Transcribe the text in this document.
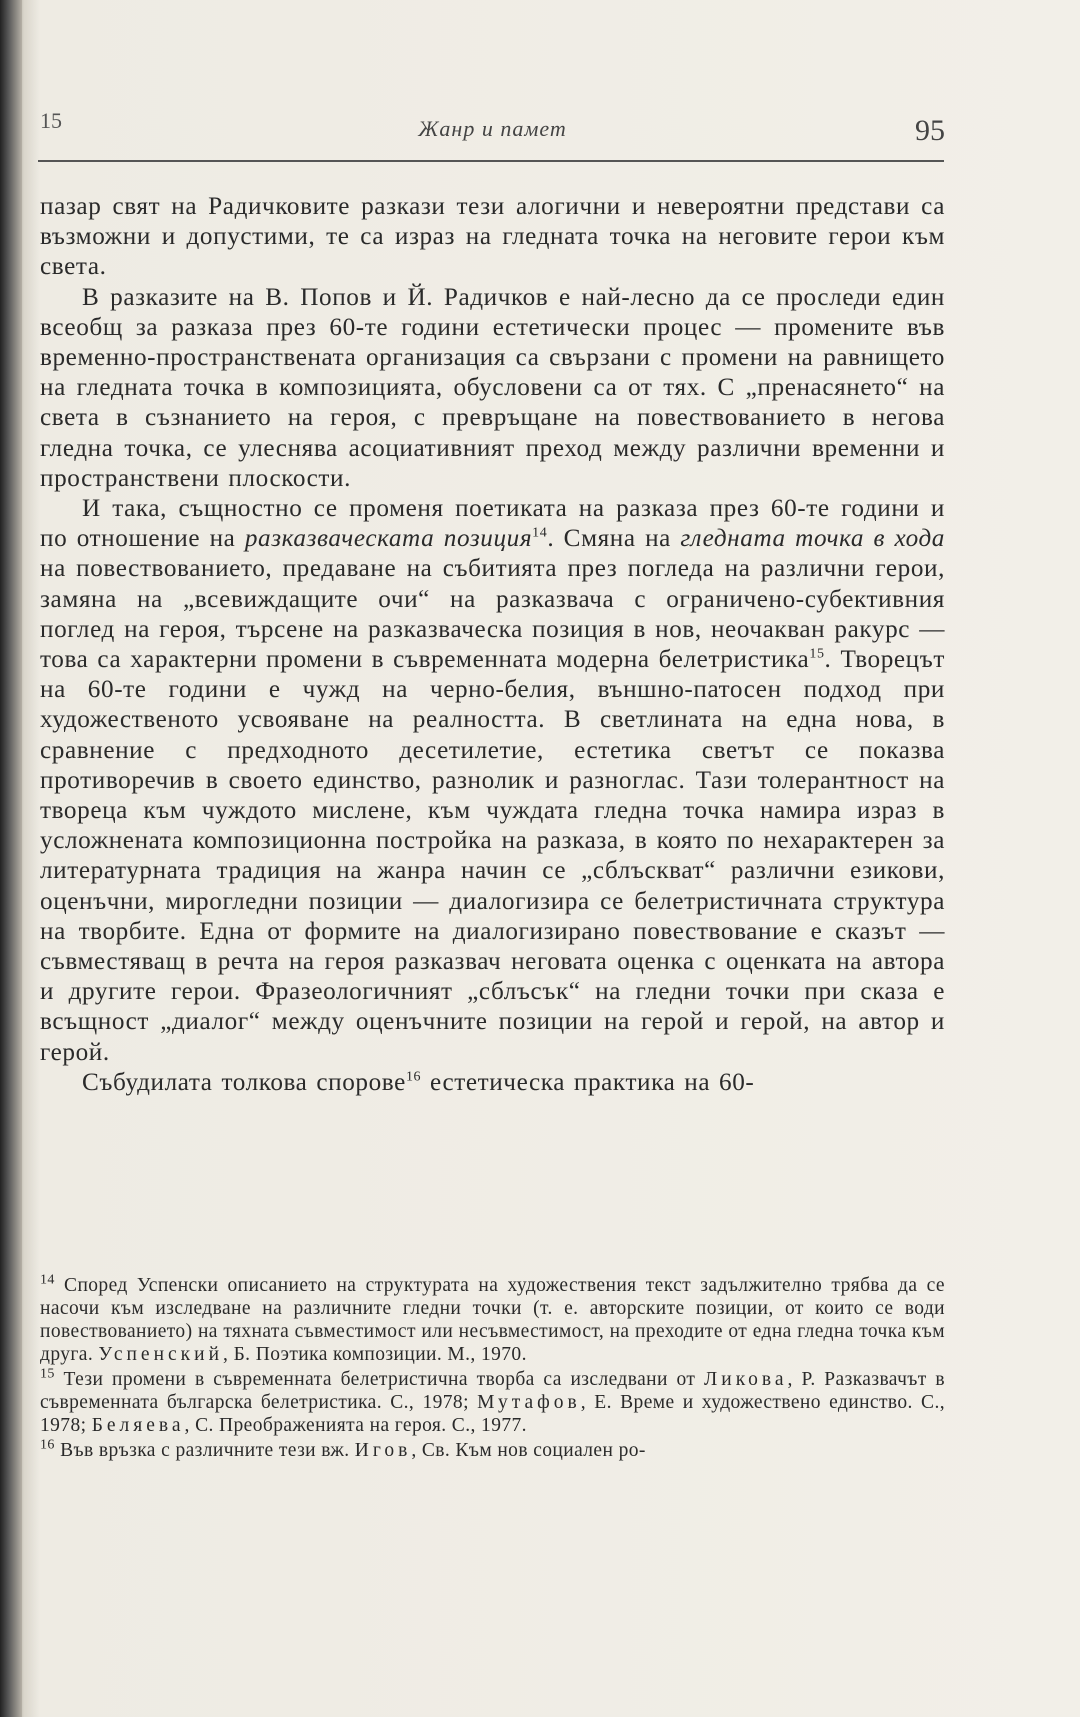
15	Жанр и памет	95

пазар свят на Радичковите разкази тези алогични и невероятни представи са възможни и допустими, те са израз на гледната точка на неговите герои към света.

В разказите на В. Попов и Й. Радичков е най-лесно да се проследи един всеобщ за разказа през 60-те години естетически процес — промените във временно-пространствената организация са свързани с промени на равнището на гледната точка в композицията, обусловени са от тях. С „пренасянето“ на света в съзнанието на героя, с превръщане на повествованието в негова гледна точка, се улеснява асоциативният преход между различни временни и пространствени плоскости.

И така, същностно се променя поетиката на разказа през 60-те години и по отношение на разказваческата позиция$^{14}$. Смяна на гледната точка в хода на повествованието, предаване на събитията през погледа на различни герои, замяна на „всевиждащите очи“ на разказвача с ограничено-субективния поглед на героя, търсене на разказваческа позиция в нов, неочакван ракурс — това са характерни промени в съвременната модерна белетристика$^{15}$. Творецът на 60-те години е чужд на черно-белия, външно-патосен подход при художественото усвояване на реалността. В светлината на една нова, в сравнение с предходното десетилетие, естетика светът се показва противоречив в своето единство, разнолик и разноглас. Тази толерантност на твореца към чуждото мислене, към чуждата гледна точка намира израз в усложнената композиционна постройка на разказа, в която по нехарактерен за литературната традиция на жанра начин се „сблъскват“ различни езикови, оценъчни, мирогледни позиции — диалогизира се белетристичната структура на творбите. Една от формите на диалогизирано повествование е сказът — съвместяващ в речта на героя разказвач неговата оценка с оценката на автора и другите герои. Фразеологичният „сблъсък“ на гледни точки при сказа е всъщност „диалог“ между оценъчните позиции на герой и герой, на автор и герой.

Събудилата толкова спорове$^{16}$ естетическа практика на 60-

$^{14}$ Според Успенски описанието на структурата на художествения текст задължително трябва да се насочи към изследване на различните гледни точки (т. е. авторските позиции, от които се води повествованието) на тяхната съвместимост или несъвместимост, на преходите от една гледна точка към друга. Успенский, Б. Поэтика композиции. М., 1970.

$^{15}$ Тези промени в съвременната белетристична творба са изследвани от Ликова, Р. Разказвачът в съвременната българска белетристика. С., 1978; Мутафов, Е. Време и художествено единство. С., 1978; Беляева, С. Преображенията на героя. С., 1977.

$^{16}$ Във връзка с различните тези вж. Игов, Св. Към нов социален ро-
